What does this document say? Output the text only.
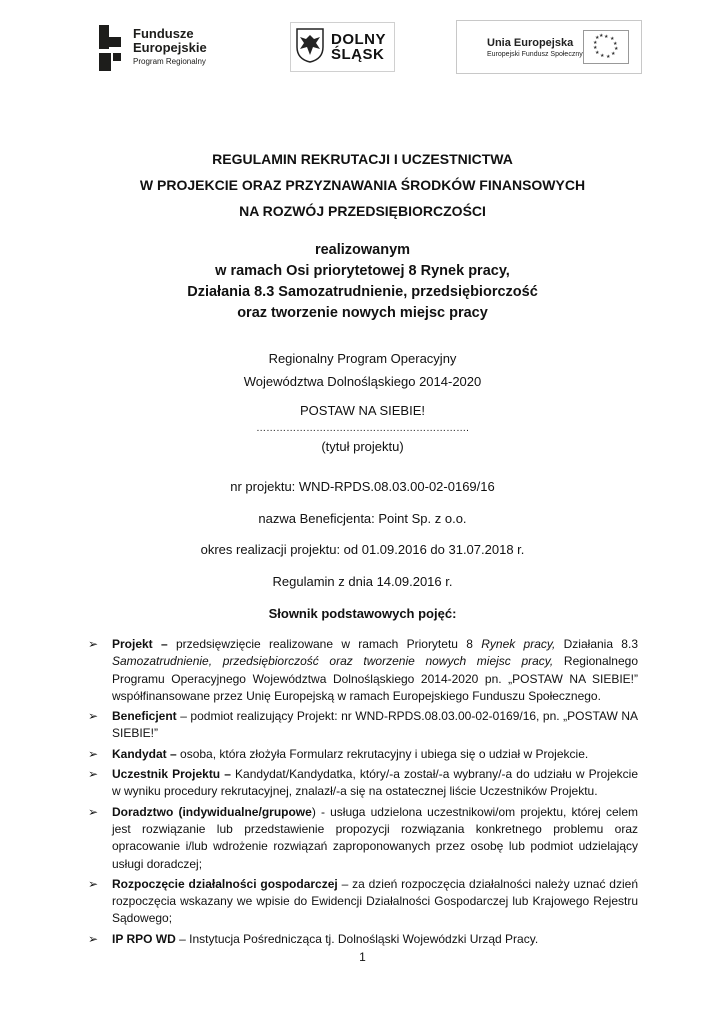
Fundusze
Europejskie
Program Regionalny
DOLNY
ŚLĄSK
Unia Europejska
Europejski Fundusz Społeczny
★ ★
★
★
★
★
★
★
★
★
★ ★
REGULAMIN REKRUTACJI I UCZESTNICTWA
W PROJEKCIE ORAZ PRZYZNAWANIA ŚRODKÓW FINANSOWYCH
NA ROZWÓJ PRZEDSIĘBIORCZOŚCI
realizowanym
w ramach Osi priorytetowej 8 Rynek pracy,
Działania 8.3 Samozatrudnienie, przedsiębiorczość
oraz tworzenie nowych miejsc pracy
Regionalny Program Operacyjny
Województwa Dolnośląskiego 2014-2020
POSTAW NA SIEBIE!
……………………………………………………….
(tytuł projektu)
nr projektu: WND-RPDS.08.03.00-02-0169/16
nazwa Beneficjenta: Point Sp. z o.o.
okres realizacji projektu: od 01.09.2016 do 31.07.2018 r.
Regulamin z dnia 14.09.2016 r.
Słownik podstawowych pojęć:
➢ Projekt – przedsięwzięcie realizowane w ramach Priorytetu 8 Rynek pracy, Działania 8.3 Samozatrudnienie, przedsiębiorczość oraz tworzenie nowych miejsc pracy, Regionalnego Programu Operacyjnego Województwa Dolnośląskiego 2014-2020 pn. „POSTAW NA SIEBIE!” współfinansowane przez Unię Europejską w ramach Europejskiego Funduszu Społecznego.
➢ Beneficjent – podmiot realizujący Projekt: nr WND-RPDS.08.03.00-02-0169/16, pn. „POSTAW NA SIEBIE!”
➢ Kandydat – osoba, która złożyła Formularz rekrutacyjny i ubiega się o udział w Projekcie.
➢ Uczestnik Projektu – Kandydat/Kandydatka, który/-a został/-a wybrany/-a do udziału w Projekcie w wyniku procedury rekrutacyjnej, znalazł/-a się na ostatecznej liście Uczestników Projektu.
➢ Doradztwo (indywidualne/grupowe) - usługa udzielona uczestnikowi/om projektu, której celem jest rozwiązanie lub przedstawienie propozycji rozwiązania konkretnego problemu oraz opracowanie i/lub wdrożenie rozwiązań zaproponowanych przez osobę lub podmiot udzielający usługi doradczej;
➢ Rozpoczęcie działalności gospodarczej – za dzień rozpoczęcia działalności należy uznać dzień rozpoczęcia wskazany we wpisie do Ewidencji Działalności Gospodarczej lub Krajowego Rejestru Sądowego;
➢ IP RPO WD – Instytucja Pośrednicząca tj. Dolnośląski Wojewódzki Urząd Pracy.
1
